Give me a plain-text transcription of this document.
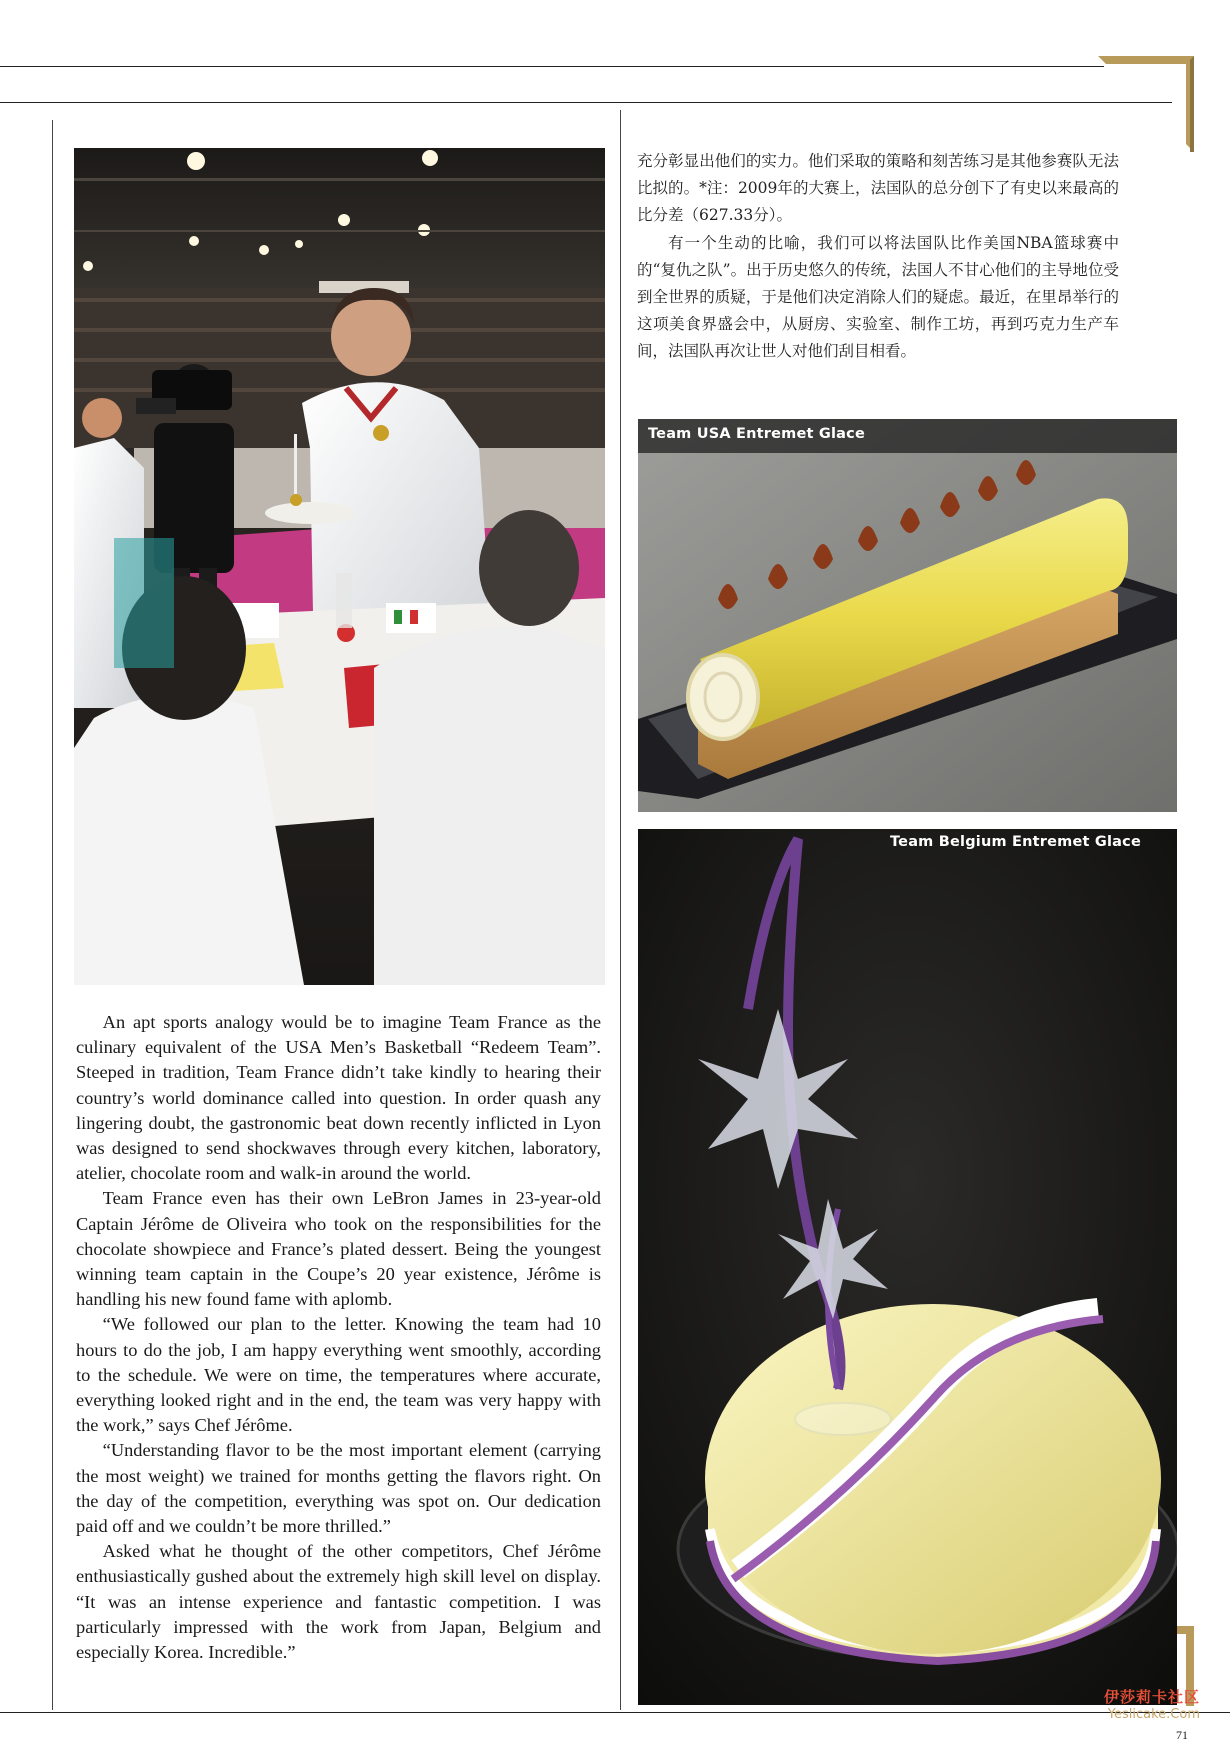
Team USA Entremet Glace
Team Belgium Entremet Glace

充分彰显出他们的实力。他们采取的策略和刻苦练习是其他参赛队无法比拟的。*注：2009年的大赛上，法国队的总分创下了有史以来最高的比分差（627.33分）。

有一个生动的比喻，我们可以将法国队比作美国NBA篮球赛中的“复仇之队”。出于历史悠久的传统，法国人不甘心他们的主导地位受到全世界的质疑，于是他们决定消除人们的疑虑。最近，在里昂举行的这项美食界盛会中，从厨房、实验室、制作工坊，再到巧克力生产车间，法国队再次让世人对他们刮目相看。

An apt sports analogy would be to imagine Team France as the culinary equivalent of the USA Men’s Basketball “Redeem Team”. Steeped in tradition, Team France didn’t take kindly to hearing their country’s world dominance called into question. In order quash any lingering doubt, the gastronomic beat down recently inflicted in Lyon was designed to send shockwaves through every kitchen, laboratory, atelier, chocolate room and walk-in around the world.

Team France even has their own LeBron James in 23-year-old Captain Jérôme de Oliveira who took on the responsibilities for the chocolate showpiece and France’s plated dessert. Being the youngest winning team captain in the Coupe’s 20 year existence, Jérôme is handling his new found fame with aplomb.

“We followed our plan to the letter. Knowing the team had 10 hours to do the job, I am happy everything went smoothly, according to the schedule. We were on time, the temperatures where accurate, everything looked right and in the end, the team was very happy with the work,” says Chef Jérôme.

“Understanding flavor to be the most important element (carrying the most weight) we trained for months getting the flavors right. On the day of the competition, everything was spot on. Our dedication paid off and we couldn’t be more thrilled.”

Asked what he thought of the other competitors, Chef Jérôme enthusiastically gushed about the extremely high skill level on display. “It was an intense experience and fantastic competition. I was particularly impressed with the work from Japan, Belgium and especially Korea. Incredible.”

伊莎莉卡社区
Yeslicake.Com
71
